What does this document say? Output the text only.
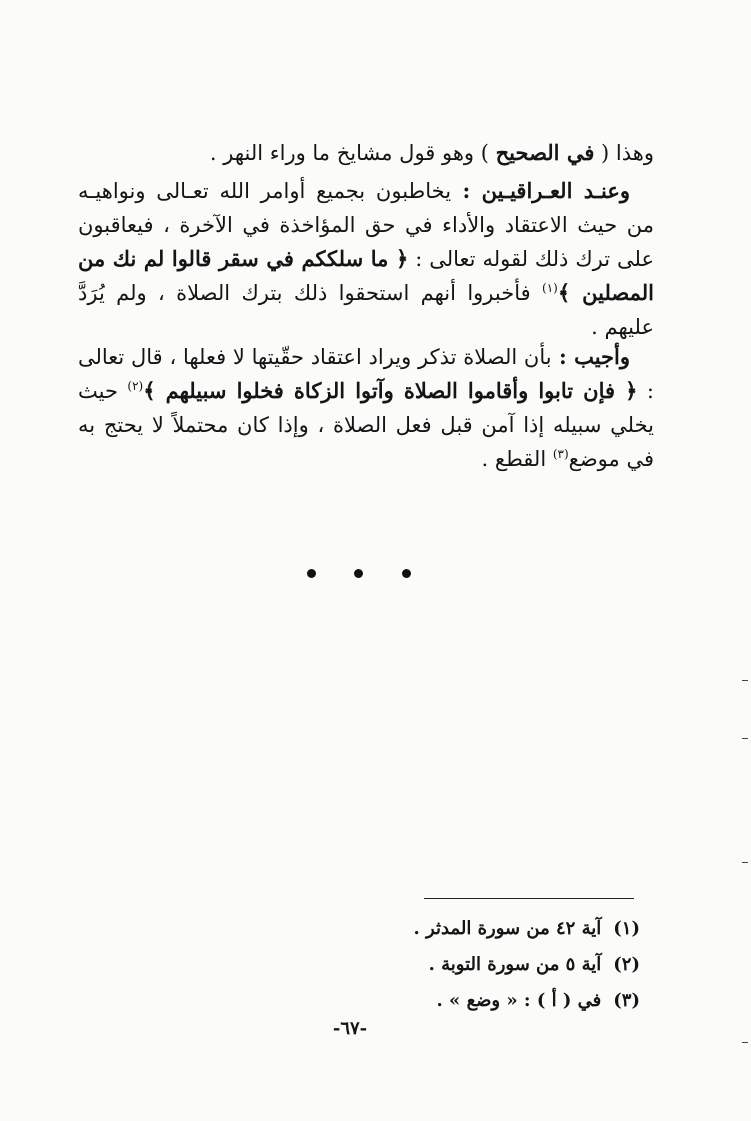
وهذا ( في الصحيح ) وهو قول مشايخ ما وراء النهر .

وعنـد العـراقيـين : يخاطبون بجميع أوامر الله تعـالى ونواهيـه من حيث الاعتقاد والأداء في حق المؤاخذة في الآخرة ، فيعاقبون على ترك ذلك لقوله تعالى : ﴿ ما سلككم في سقر قالوا لم نك من المصلين ﴾$^{(١)}$ فأخبروا أنهم استحقوا ذلك بترك الصلاة ، ولم يُرَدَّ عليهم .

وأجيب : بأن الصلاة تذكر ويراد اعتقاد حقّيتها لا فعلها ، قال تعالى : ﴿ فإن تابوا وأقاموا الصلاة وآتوا الزكاة فخلوا سبيلهم ﴾$^{(٢)}$ حيث يخلي سبيله إذا آمن قبل فعل الصلاة ، وإذا كان محتملاً لا يحتج به في موضع$^{(٣)}$ القطع .

(١)آية ٤٢ من سورة المدثر .
(٢)آية ٥ من سورة التوبة .
(٣)في ( أ ) : « وضع » .
-٦٧-
